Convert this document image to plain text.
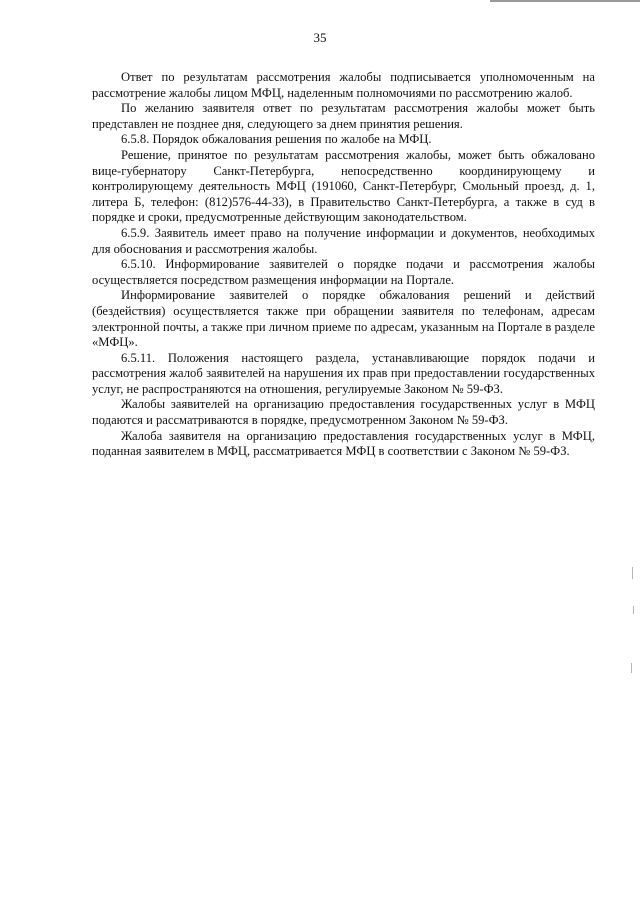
35

Ответ по результатам рассмотрения жалобы подписывается уполномоченным на рассмотрение жалобы лицом МФЦ, наделенным полномочиями по рассмотрению жалоб.

По желанию заявителя ответ по результатам рассмотрения жалобы может быть представлен не позднее дня, следующего за днем принятия решения.

6.5.8. Порядок обжалования решения по жалобе на МФЦ.

Решение, принятое по результатам рассмотрения жалобы, может быть обжаловано вице-губернатору Санкт-Петербурга, непосредственно координирующему и контролирующему деятельность МФЦ (191060, Санкт-Петербург, Смольный проезд, д. 1, литера Б, телефон: (812)576-44-33), в Правительство Санкт-Петербурга, а также в суд в порядке и сроки, предусмотренные действующим законодательством.

6.5.9. Заявитель имеет право на получение информации и документов, необходимых для обоснования и рассмотрения жалобы.

6.5.10. Информирование заявителей о порядке подачи и рассмотрения жалобы осуществляется посредством размещения информации на Портале.

Информирование заявителей о порядке обжалования решений и действий (бездействия) осуществляется также при обращении заявителя по телефонам, адресам электронной почты, а также при личном приеме по адресам, указанным на Портале в разделе «МФЦ».

6.5.11. Положения настоящего раздела, устанавливающие порядок подачи и рассмотрения жалоб заявителей на нарушения их прав при предоставлении государственных услуг, не распространяются на отношения, регулируемые Законом № 59-ФЗ.

Жалобы заявителей на организацию предоставления государственных услуг в МФЦ подаются и рассматриваются в порядке, предусмотренном Законом № 59-ФЗ.

Жалоба заявителя на организацию предоставления государственных услуг в МФЦ, поданная заявителем в МФЦ, рассматривается МФЦ в соответствии с Законом № 59-ФЗ.
